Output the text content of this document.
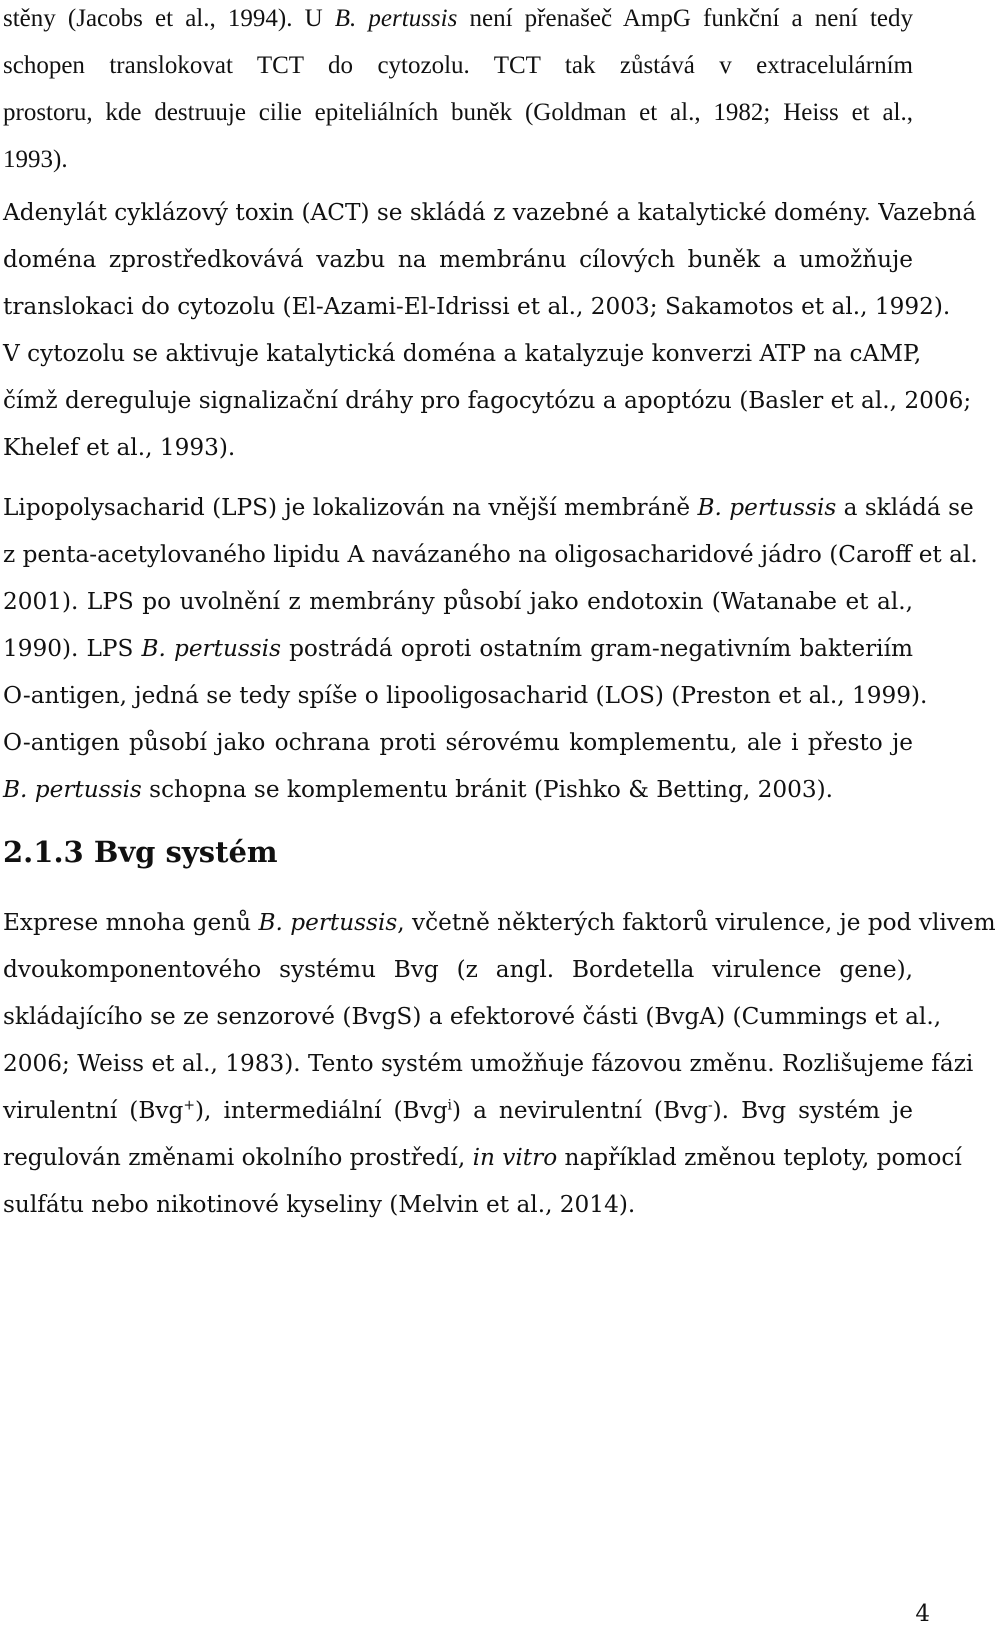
stěny (Jacobs et al., 1994). U B. pertussis není přenašeč AmpG funkční a není tedy
schopen translokovat TCT do cytozolu. TCT tak zůstává v extracelulárním
prostoru, kde destruuje cilie epiteliálních buněk (Goldman et al., 1982; Heiss et al.,
1993).
Adenylát cyklázový toxin (ACT) se skládá z vazebné a katalytické domény. Vazebná
doména zprostředkovává vazbu na membránu cílových buněk a umožňuje
translokaci do cytozolu (El-Azami-El-Idrissi et al., 2003; Sakamotos et al., 1992).
V cytozolu se aktivuje katalytická doména a katalyzuje konverzi ATP na cAMP,
čímž dereguluje signalizační dráhy pro fagocytózu a apoptózu (Basler et al., 2006;
Khelef et al., 1993).
Lipopolysacharid (LPS) je lokalizován na vnější membráně B. pertussis a skládá se
z penta-acetylovaného lipidu A navázaného na oligosacharidové jádro (Caroff et al.
2001). LPS po uvolnění z membrány působí jako endotoxin (Watanabe et al.,
1990). LPS B. pertussis postrádá oproti ostatním gram-negativním bakteriím
O-antigen, jedná se tedy spíše o lipooligosacharid (LOS) (Preston et al., 1999).
O-antigen působí jako ochrana proti sérovému komplementu, ale i přesto je
B. pertussis schopna se komplementu bránit (Pishko & Betting, 2003).
2.1.3 Bvg systém
Exprese mnoha genů B. pertussis, včetně některých faktorů virulence, je pod vlivem
dvoukomponentového systému Bvg (z angl. Bordetella virulence gene),
skládajícího se ze senzorové (BvgS) a efektorové části (BvgA) (Cummings et al.,
2006; Weiss et al., 1983). Tento systém umožňuje fázovou změnu. Rozlišujeme fázi
virulentní (Bvg+), intermediální (Bvg$^i$) a nevirulentní (Bvg-). Bvg systém je
regulován změnami okolního prostředí, in vitro například změnou teploty, pomocí
sulfátu nebo nikotinové kyseliny (Melvin et al., 2014).
4
